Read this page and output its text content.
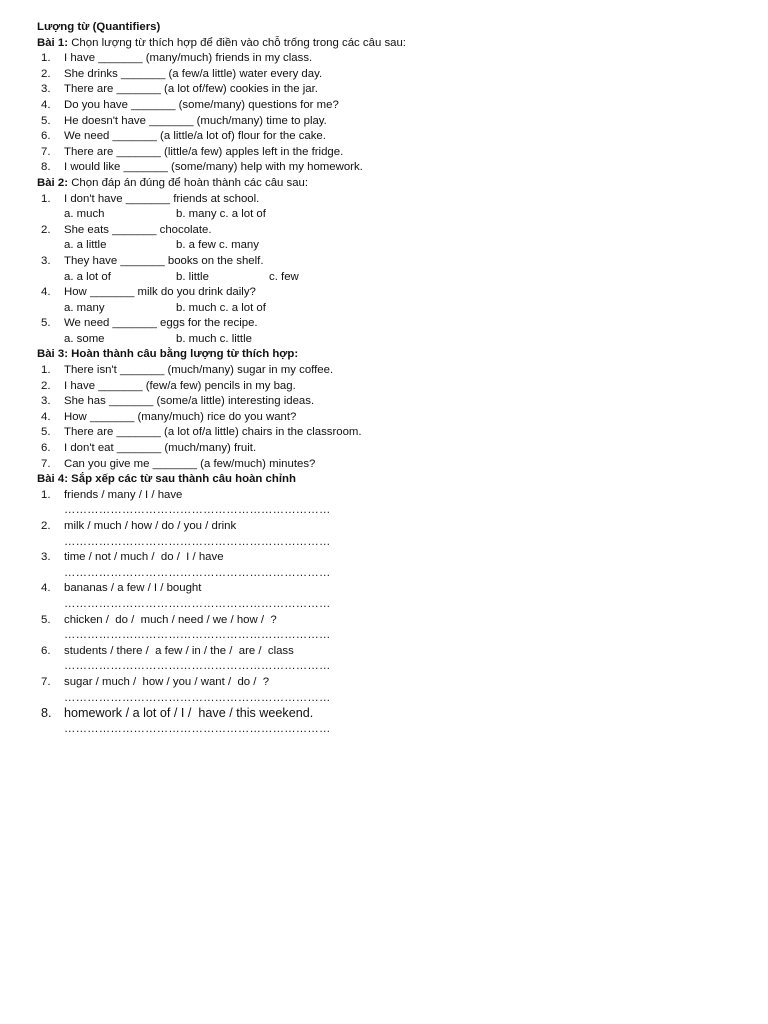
Lượng từ (Quantifiers)
Bài 1: Chọn lượng từ thích hợp để điền vào chỗ trống trong các câu sau:
1.	I have _______ (many/much) friends in my class.
2.	She drinks _______ (a few/a little) water every day.
3.	There are _______ (a lot of/few) cookies in the jar.
4.	Do you have _______ (some/many) questions for me?
5.	He doesn't have _______ (much/many) time to play.
6.	We need _______ (a little/a lot of) flour for the cake.
7.	There are _______ (little/a few) apples left in the fridge.
8.	I would like _______ (some/many) help with my homework.
Bài 2: Chọn đáp án đúng để hoàn thành các câu sau:
1.	I don't have _______ friends at school.
a. much	b. many c. a lot of
2.	She eats _______ chocolate.
a. a little	b. a few c. many
3.	They have _______ books on the shelf.
a. a lot of	b. little	c. few
4.	How _______ milk do you drink daily?
a. many	b. much c. a lot of
5.	We need _______ eggs for the recipe.
a. some	b. much c. little
Bài 3: Hoàn thành câu bằng lượng từ thích hợp:
1.	There isn't _______ (much/many) sugar in my coffee.
2.	I have _______ (few/a few) pencils in my bag.
3.	She has _______ (some/a little) interesting ideas.
4.	How _______ (many/much) rice do you want?
5.	There are _______ (a lot of/a little) chairs in the classroom.
6.	I don't eat _______ (much/many) fruit.
7.	Can you give me _______ (a few/much) minutes?
Bài 4: Sắp xếp các từ sau thành câu hoàn chỉnh
1.	friends / many / I / have
……………………………………………………………
2.	milk / much / how / do / you / drink
……………………………………………………………
3.	time / not / much /  do /  I / have
……………………………………………………………
4.	bananas / a few / I / bought
……………………………………………………………
5.	chicken /  do /  much / need / we / how /  ?
……………………………………………………………
6.	students / there /  a few / in / the /  are /  class
……………………………………………………………
7.	sugar / much /  how / you / want /  do /  ?
……………………………………………………………
8. homework / a lot of / I /  have / this weekend.
……………………………………………………………
